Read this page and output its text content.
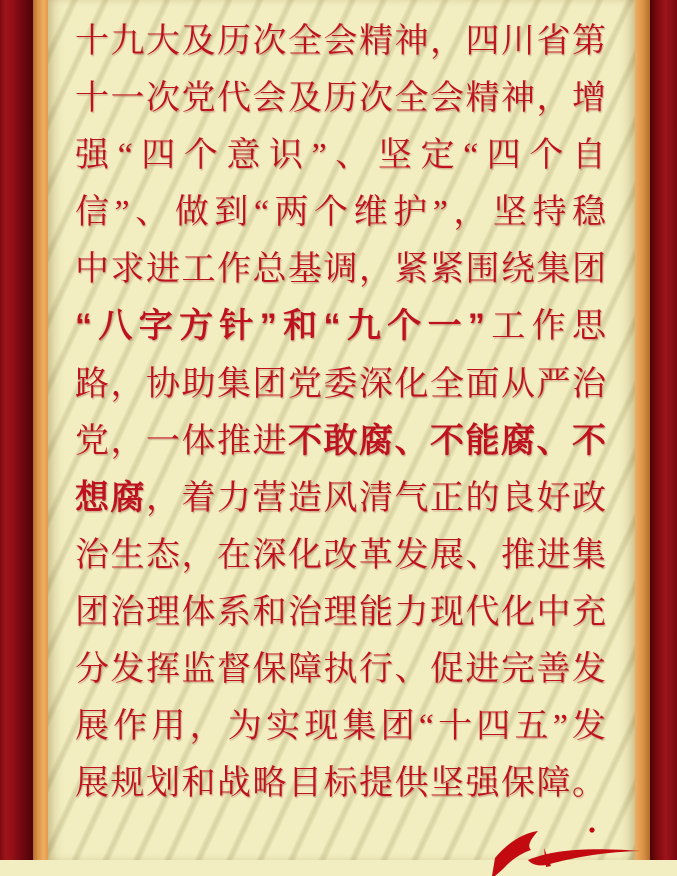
十九大及历次全会精神，四川省第
十一次党代会及历次全会精神，增
强“四个意识”、坚定“四个自
信”、做到“两个维护”，坚持稳
中求进工作总基调，紧紧围绕集团
“八字方针”和“九个一”工作思
路，协助集团党委深化全面从严治
党，一体推进不敢腐、不能腐、不
想腐，着力营造风清气正的良好政
治生态，在深化改革发展、推进集
团治理体系和治理能力现代化中充
分发挥监督保障执行、促进完善发
展作用，为实现集团“十四五”发
展规划和战略目标提供坚强保障。
